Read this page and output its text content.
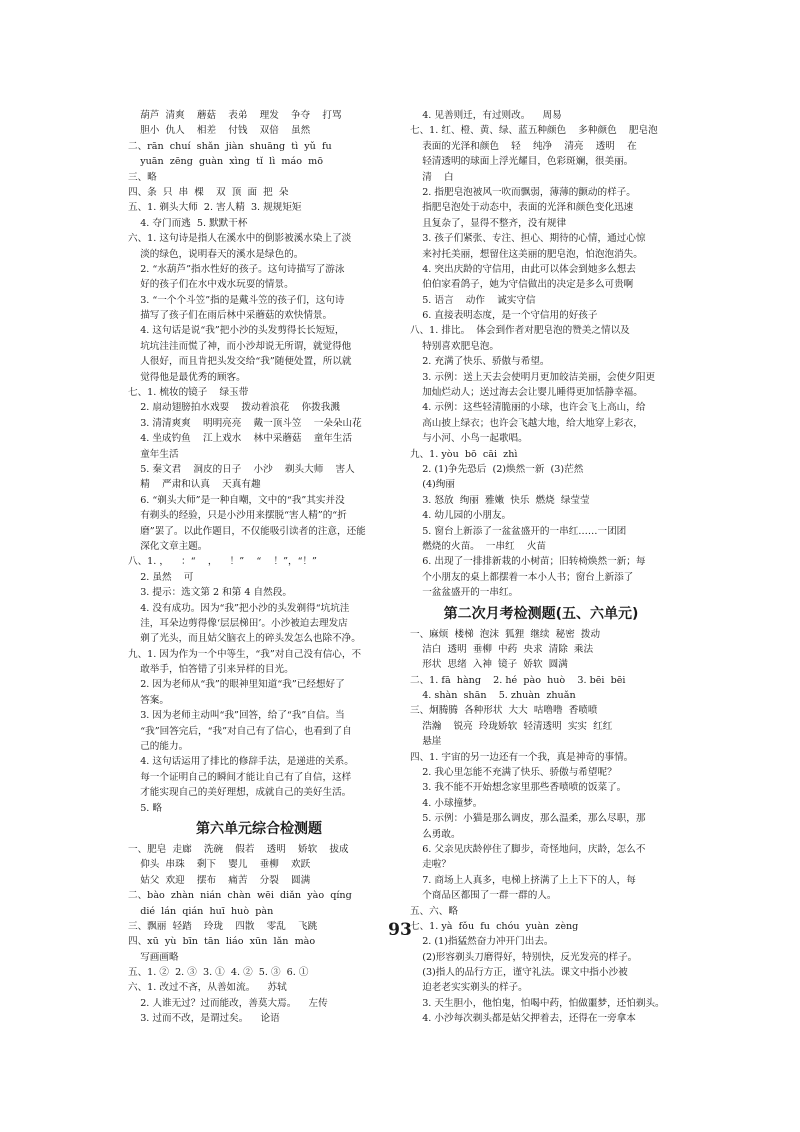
葫芦  清爽    蘑菇    表弟    理发    争夺    打骂
胆小  仇人    相差    付钱    双倍    虽然
二、rān  chuí  shǎn  jiàn  shuāng  tì  yǔ  fu
yuān  zēng  guàn  xìng  tǐ  lì  máo  mō
三、略
四、条  只  串  棵    双  顶  面  把  朵
五、1. 剃头大师  2. 害人精  3. 规规矩矩
4. 夺门而逃  5. 默默干杯
六、1. 这句诗是指人在溪水中的倒影被溪水染上了淡
淡的绿色，说明春天的溪水是绿色的。
2. “水葫芦”指水性好的孩子。这句诗描写了游泳
好的孩子们在水中戏水玩耍的情景。
3. “一个个斗笠”指的是戴斗笠的孩子们，这句诗
描写了孩子们在雨后林中采蘑菇的欢快情景。
4. 这句话是说“我”把小沙的头发剪得长长短短，
坑坑洼洼而慌了神，而小沙却说无所谓，就觉得他
人很好，而且肯把头发交给“我”随便处置，所以就
觉得他是最优秀的顾客。
七、1. 梳妆的镜子    绿玉带
2. 扇动翅膀拍水戏耍    拨动着浪花    你拨我溅
3. 清清爽爽    明明亮亮    戴一顶斗笠    一朵朵山花
4. 坐成钓鱼    江上戏水    林中采蘑菇    童年生活
童年生活
5. 秦文君    洞皮的日子    小沙    剃头大师    害人
精    严肃和认真    天真有趣
6. “剃头大师”是一种自嘲，文中的“我”其实并没
有剃头的经验，只是小沙用来摆脱“害人精”的“折
磨”罢了。以此作题目，不仅能吸引读者的注意，还能
深化文章主题。
八、1. ，    ：“    ，    ！”    “    ！”，“！”
2. 虽然    可
3. 提示：选文第 2 和第 4 自然段。
4. 没有成功。因为“我”把小沙的头发剃得“坑坑洼
洼，耳朵边剪得像‘层层梯田’。小沙被迫去理发店
剃了光头，而且姑父脑衣上的碎头发怎么也除不净。
九、1. 因为作为一个中等生，“我”对自己没有信心，不
敢举手，怕答错了引来异样的目光。
2. 因为老师从“我”的眼神里知道“我”已经想好了
答案。
3. 因为老师主动叫“我”回答，给了“我”自信。当
“我”回答完后，“我”对自己有了信心，也看到了自
己的能力。
4. 这句话运用了排比的修辞手法，是递进的关系。
每一个证明自己的瞬间才能让自己有了自信，这样
才能实现自己的美好理想，成就自己的美好生活。
5. 略
第六单元综合检测题
一、肥皂  走廊    洗碗    假若    透明    娇软    拔成
仰头  串珠    剩下    婴儿    垂柳    欢跃
姑父  欢迎    摆布    痛苦    分裂    圆满
二、bào  zhàn  nián  chàn  wēi  diǎn  yào  qíng
dié  lán  qián  huī  huò  pàn
三、飘丽  轻踏    玲珑    四散    零乱    飞跳
四、xū  yù  bīn  tān  liáo  xūn  lǎn  mào
写画画略
五、1. ②  2. ③  3. ①  4. ②  5. ③  6. ①
六、1. 改过不吝，从善如流。    苏轼
2. 人谁无过？过而能改，善莫大焉。    左传
3. 过而不改，是谓过矣。    论语
4. 见善则迁，有过则改。    周易
七、1. 红、橙、黄、绿、蓝五种颜色    多种颜色    肥皂泡
表面的光泽和颜色    轻    纯净    清亮    透明    在
轻清透明的球面上浮光耀目，色彩斑斓，很美丽。
清    白
2. 指肥皂泡被风一吹而飘弱，薄薄的颤动的样子。
指肥皂泡处于动态中，表面的光泽和颜色变化迅速
且复杂了，显得不整齐，没有规律
3. 孩子们紧张、专注、担心、期待的心情，通过心惊
来衬托美丽，想留住这美丽的肥皂泡，怕泡泡消失。
4. 突出庆龄的守信用，由此可以体会到她多么想去
伯伯家看鸽子，她为守信做出的决定是多么可贵啊
5. 语言    动作    诚实守信
6. 直接表明态度，是一个守信用的好孩子
八、1. 排比。  体会到作者对肥皂泡的赞美之情以及
特别喜欢肥皂泡。
2. 充满了快乐、骄傲与希望。
3. 示例：送上天去会使明月更加皎洁美丽，会使夕阳更
加灿烂动人；送过海去会让婴儿睡得更加恬静幸福。
4. 示例：这些轻清脆丽的小球，也许会飞上高山，给
高山披上绿衣；也许会飞越大地，给大地穿上彩衣，
与小河、小鸟一起歌唱。
九、1. yòu  bō  cāi  zhì
2. (1)争先恐后  (2)焕然一新  (3)茫然
(4)绚丽
3. 怒放  绚丽  雅嫩  快乐  燃烧  绿莹莹
4. 幼儿园的小朋友。
5. 窗台上新添了一盆盆盛开的一串红……一团团
燃烧的火苗。  一串红    火苗
6. 出现了一排排新栽的小树苗；旧转椅焕然一新；每
个小朋友的桌上都摆着一本小人书；窗台上新添了
一盆盆盛开的一串红。
第二次月考检测题(五、六单元)
一、麻烦  楼梯  泡沫  狐狸  继续  秘密  拨动
洁白  透明  垂柳  中药  央求  清除  乘法
形状  思绪  入神  镜子  娇软  圆满
二、1. fā  hàng    2. hé  pào  huò    3. bēi  bēi
4. shàn  shān    5. zhuàn  zhuǎn
三、炯腾腾  各种形状  大大  咕噜噜  香喷喷
浩瀚    锐亮  玲珑娇软  轻清透明  实实  红红
悬崖
四、1. 宇宙的另一边还有一个我，真是神奇的事情。
2. 我心里怎能不充满了快乐、骄傲与希望呢？
3. 我不能不开始想念家里那些香喷喷的饭菜了。
4. 小球撞梦。
5. 示例：小猫是那么调皮，那么温柔，那么尽职，那
么勇敢。
6. 父亲见庆龄停住了脚步，奇怪地问，庆龄，怎么不
走啦？
7. 商场上人真多，电梯上挤满了上上下下的人，每
个商品区都围了一群一群的人。
五、六、略
七、1. yà  fǒu  fu  chóu  yuàn  zèng
2. (1)指猛然奋力冲开门出去。
(2)形容剃头刀磨得好，特别快，反光发亮的样子。
(3)指人的品行方正，谨守礼法。课文中指小沙被
迫老老实实剃头的样子。
3. 天生胆小，他怕鬼，怕喝中药，怕做噩梦，还怕剃头。
4. 小沙每次剃头都是姑父押着去，还得在一旁拿本
93
